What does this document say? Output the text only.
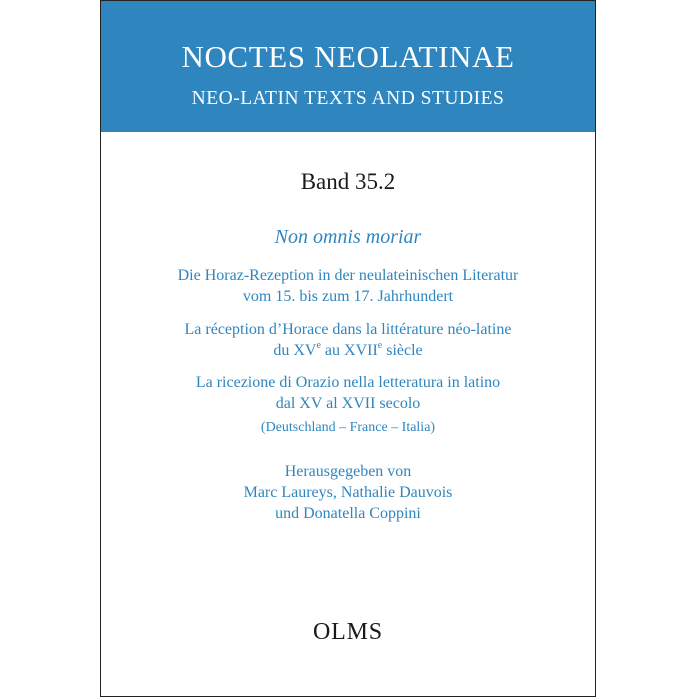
NOCTES NEOLATINAE
NEO-LATIN TEXTS AND STUDIES
Band 35.2
Non omnis moriar
Die Horaz-Rezeption in der neulateinischen Literatur
vom 15. bis zum 17. Jahrhundert
La réception d’Horace dans la littérature néo-latine
du XVe au XVIIe siècle
La ricezione di Orazio nella letteratura in latino
dal XV al XVII secolo
(Deutschland – France – Italia)
Herausgegeben von
Marc Laureys, Nathalie Dauvois
und Donatella Coppini
OLMS
